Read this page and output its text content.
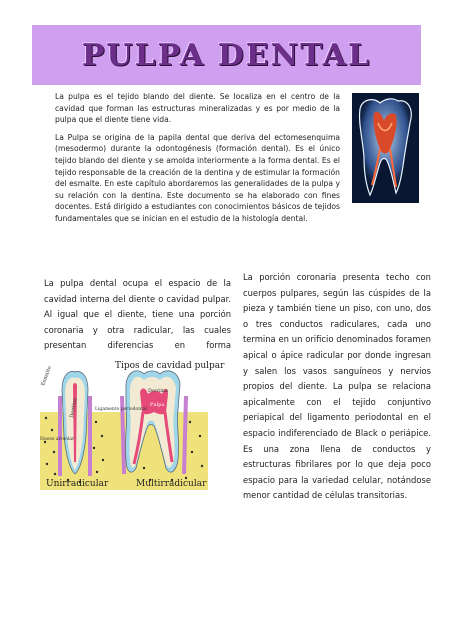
PULPA DENTAL

La pulpa es el tejido blando del diente. Se localiza en el centro de la cavidad que forman las estructuras mineralizadas y es por medio de la pulpa que el diente tiene vida.

La Pulpa se origina de la papila dental que deriva del ectomesenquima (mesodermo) durante la odontogénesis (formación dental). Es el único tejido blando del diente y se amolda interiormente a la forma dental. Es el tejido responsable de la creación de la dentina y de estimular la formación del esmalte. En este capítulo abordaremos las generalidades de la pulpa y su relación con la dentina. Este documento se ha elaborado con fines docentes. Está dirigido a estudiantes con conocimientos básicos de tejidos fundamentales que se inician en el estudio de la histología dental.

La pulpa dental ocupa el espacio de la cavidad interna del diente o cavidad pulpar. Al igual que el diente, tiene una porción coronaria y otra radicular, las cuales presentan diferencias en forma

Tipos de cavidad pulpar
Esmalte
Dentina
Dentina
Pulpa
Ligamento periodontal
Hueso alveolar
Unirradicular	Multirradicular

La porción coronaria presenta techo con cuerpos pulpares, según las cúspides de la pieza y también tiene un piso, con uno, dos o tres conductos radiculares, cada uno termina en un orificio denominados foramen apical o ápice radicular por donde ingresan y salen los vasos sanguíneos y nervios propios del diente. La pulpa se relaciona apicalmente con el tejido conjuntivo periapical del ligamento periodontal en el espacio indiferenciado de Black o periápice. Es una zona llena de conductos y estructuras fibrilares por lo que deja poco espacio para la variedad celular, notándose menor cantidad de células transitorias.
